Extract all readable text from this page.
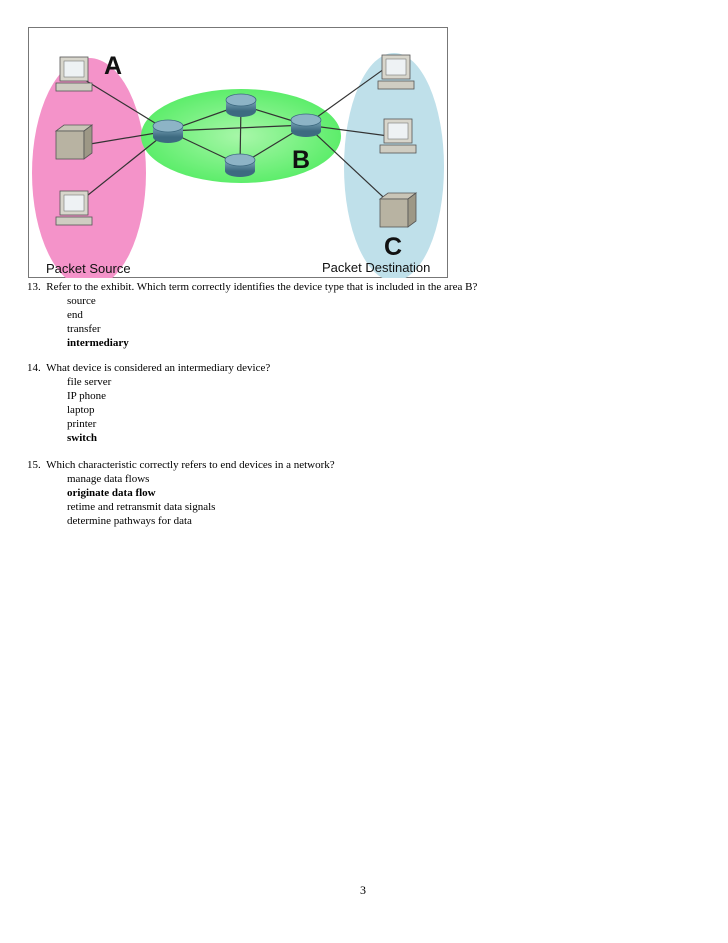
A
B
C
Packet Source	Packet Destination
13. Refer to the exhibit. Which term correctly identifies the device type that is included in the area B?
source
end
transfer
intermediary
14. What device is considered an intermediary device?
file server
IP phone
laptop
printer
switch
15. Which characteristic correctly refers to end devices in a network?
manage data flows
originate data flow
retime and retransmit data signals
determine pathways for data
3
